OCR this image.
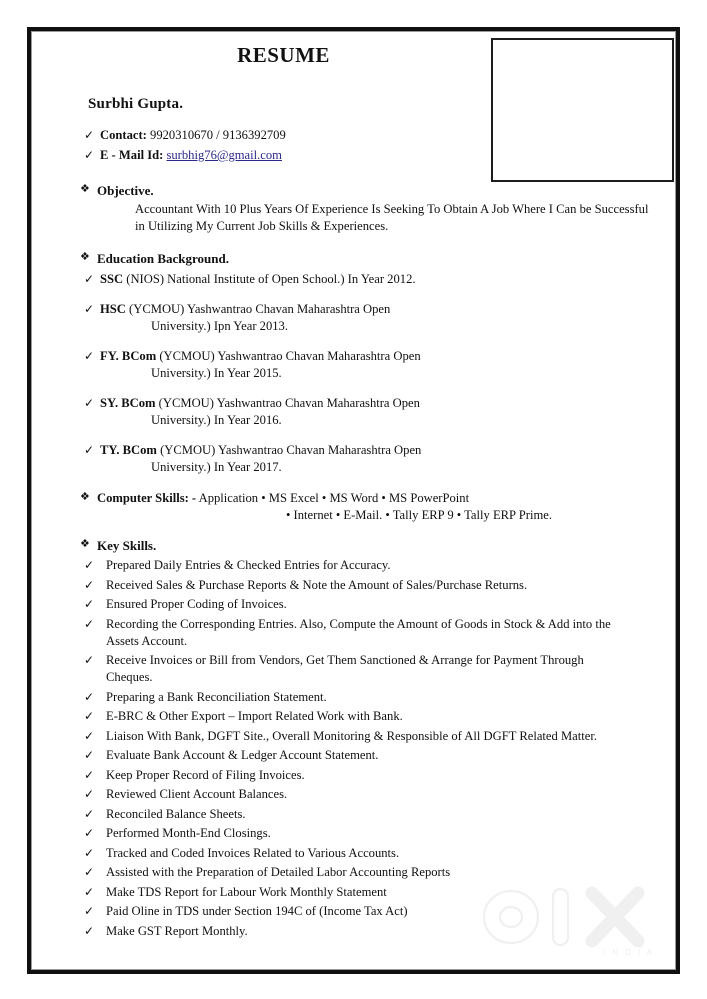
I N D I A
RESUME
Surbhi Gupta.
✓ Contact: 9920310670 / 9136392709
✓ E - Mail Id: surbhig76@gmail.com
❖ Objective.
Accountant With 10 Plus Years Of Experience Is Seeking To Obtain A Job Where I Can be Successful in Utilizing My Current Job Skills & Experiences.
❖ Education Background.
✓ SSC (NIOS) National Institute of Open School.) In Year 2012.
✓ HSC (YCMOU) Yashwantrao Chavan Maharashtra Open
University.) Ipn Year 2013.
✓ FY. BCom (YCMOU) Yashwantrao Chavan Maharashtra Open
University.) In Year 2015.
✓ SY. BCom (YCMOU) Yashwantrao Chavan Maharashtra Open
University.) In Year 2016.
✓ TY. BCom (YCMOU) Yashwantrao Chavan Maharashtra Open
University.) In Year 2017.
❖ Computer Skills: - Application • MS Excel • MS Word • MS PowerPoint
• Internet • E-Mail. • Tally ERP 9 • Tally ERP Prime.
❖ Key Skills.
✓ Prepared Daily Entries & Checked Entries for Accuracy.
✓ Received Sales & Purchase Reports & Note the Amount of Sales/Purchase Returns.
✓ Ensured Proper Coding of Invoices.
✓ Recording the Corresponding Entries. Also, Compute the Amount of Goods in Stock & Add into the Assets Account.
✓ Receive Invoices or Bill from Vendors, Get Them Sanctioned & Arrange for Payment Through Cheques.
✓ Preparing a Bank Reconciliation Statement.
✓ E-BRC & Other Export – Import Related Work with Bank.
✓ Liaison With Bank, DGFT Site., Overall Monitoring & Responsible of All DGFT Related Matter.
✓ Evaluate Bank Account & Ledger Account Statement.
✓ Keep Proper Record of Filing Invoices.
✓ Reviewed Client Account Balances.
✓ Reconciled Balance Sheets.
✓ Performed Month-End Closings.
✓ Tracked and Coded Invoices Related to Various Accounts.
✓ Assisted with the Preparation of Detailed Labor Accounting Reports
✓ Make TDS Report for Labour Work Monthly Statement
✓ Paid Oline in TDS under Section 194C of (Income Tax Act)
✓ Make GST Report Monthly.
